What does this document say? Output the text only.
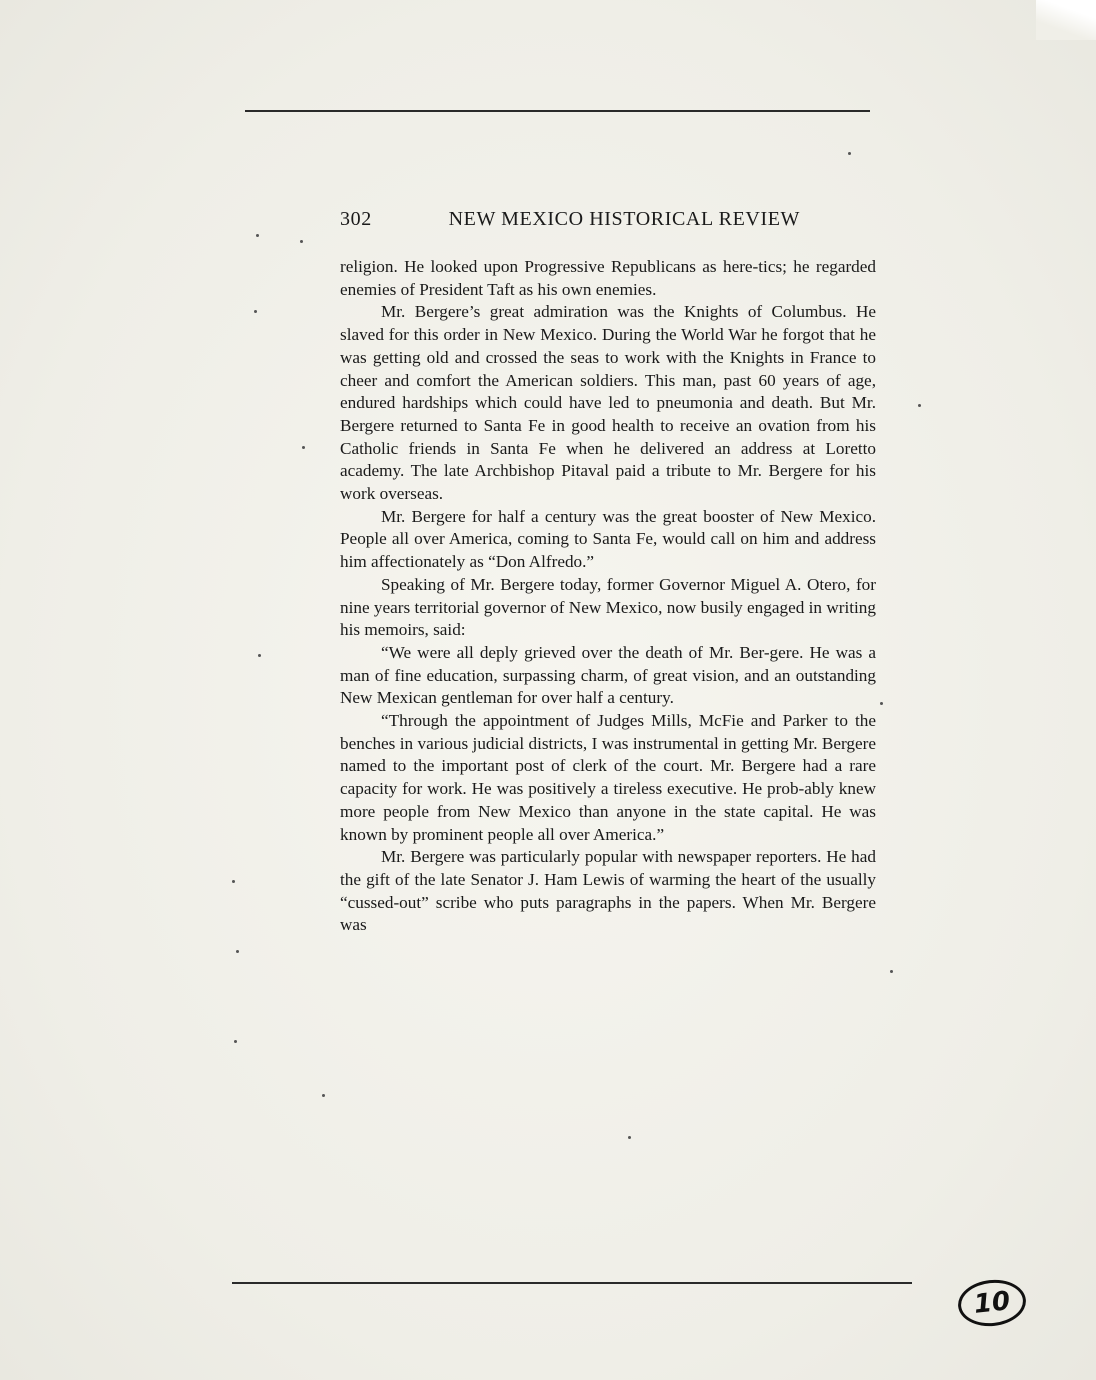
302	NEW MEXICO HISTORICAL REVIEW

religion. He looked upon Progressive Republicans as here-tics; he regarded enemies of President Taft as his own enemies.

Mr. Bergere’s great admiration was the Knights of Columbus. He slaved for this order in New Mexico. During the World War he forgot that he was getting old and crossed the seas to work with the Knights in France to cheer and comfort the American soldiers. This man, past 60 years of age, endured hardships which could have led to pneumonia and death. But Mr. Bergere returned to Santa Fe in good health to receive an ovation from his Catholic friends in Santa Fe when he delivered an address at Loretto academy. The late Archbishop Pitaval paid a tribute to Mr. Bergere for his work overseas.

Mr. Bergere for half a century was the great booster of New Mexico. People all over America, coming to Santa Fe, would call on him and address him affectionately as “Don Alfredo.”

Speaking of Mr. Bergere today, former Governor Miguel A. Otero, for nine years territorial governor of New Mexico, now busily engaged in writing his memoirs, said:

“We were all deply grieved over the death of Mr. Ber-gere. He was a man of fine education, surpassing charm, of great vision, and an outstanding New Mexican gentleman for over half a century.

“Through the appointment of Judges Mills, McFie and Parker to the benches in various judicial districts, I was instrumental in getting Mr. Bergere named to the important post of clerk of the court. Mr. Bergere had a rare capacity for work. He was positively a tireless executive. He prob-ably knew more people from New Mexico than anyone in the state capital. He was known by prominent people all over America.”

Mr. Bergere was particularly popular with newspaper reporters. He had the gift of the late Senator J. Ham Lewis of warming the heart of the usually “cussed-out” scribe who puts paragraphs in the papers. When Mr. Bergere was

10
